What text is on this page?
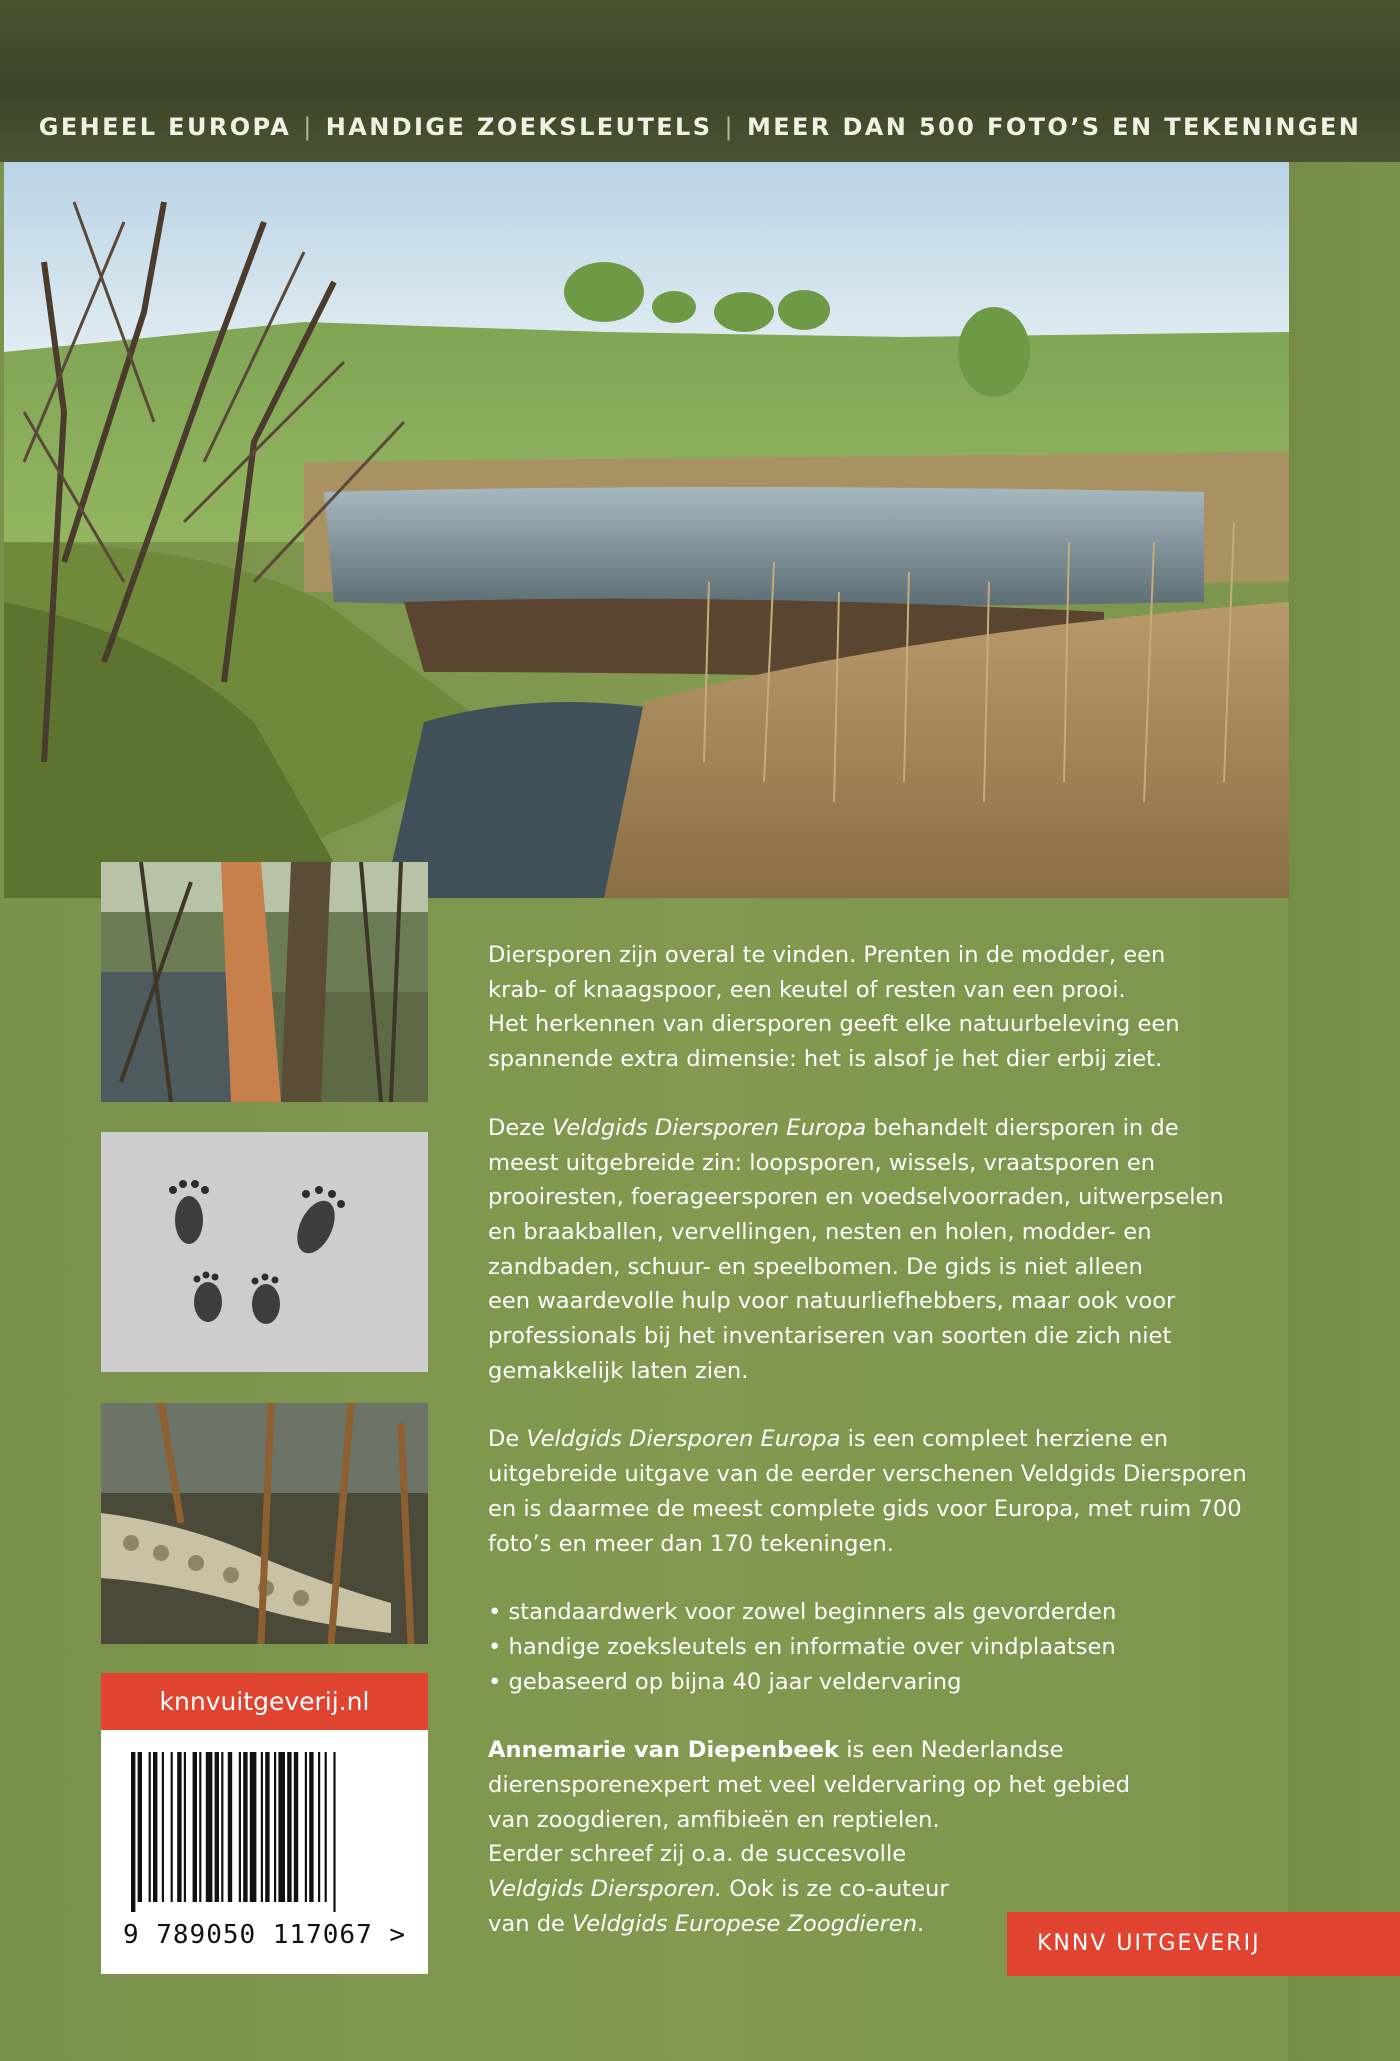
GEHEEL EUROPA | HANDIGE ZOEKSLEUTELS | MEER DAN 500 FOTO’S EN TEKENINGEN
knnvuitgeverij.nl
9 789050 117067 >

Diersporen zijn overal te vinden. Prenten in de modder, een
krab- of knaagspoor, een keutel of resten van een prooi.
Het herkennen van diersporen geeft elke natuurbeleving een
spannende extra dimensie: het is alsof je het dier erbij ziet.

Deze Veldgids Diersporen Europa behandelt diersporen in de
meest uitgebreide zin: loopsporen, wissels, vraatsporen en
prooiresten, foerageersporen en voedselvoorraden, uitwerpselen
en braakballen, vervellingen, nesten en holen, modder- en
zandbaden, schuur- en speelbomen. De gids is niet alleen
een waardevolle hulp voor natuurliefhebbers, maar ook voor
professionals bij het inventariseren van soorten die zich niet
gemakkelijk laten zien.

De Veldgids Diersporen Europa is een compleet herziene en
uitgebreide uitgave van de eerder verschenen Veldgids Diersporen
en is daarmee de meest complete gids voor Europa, met ruim 700
foto’s en meer dan 170 tekeningen.

• standaardwerk voor zowel beginners als gevorderden
• handige zoeksleutels en informatie over vindplaatsen
• gebaseerd op bijna 40 jaar veldervaring

Annemarie van Diepenbeek is een Nederlandse
dierensporenexpert met veel veldervaring op het gebied
van zoogdieren, amfibieën en reptielen.
Eerder schreef zij o.a. de succesvolle
Veldgids Diersporen. Ook is ze co-auteur
van de Veldgids Europese Zoogdieren.

KNNV UITGEVERIJ
